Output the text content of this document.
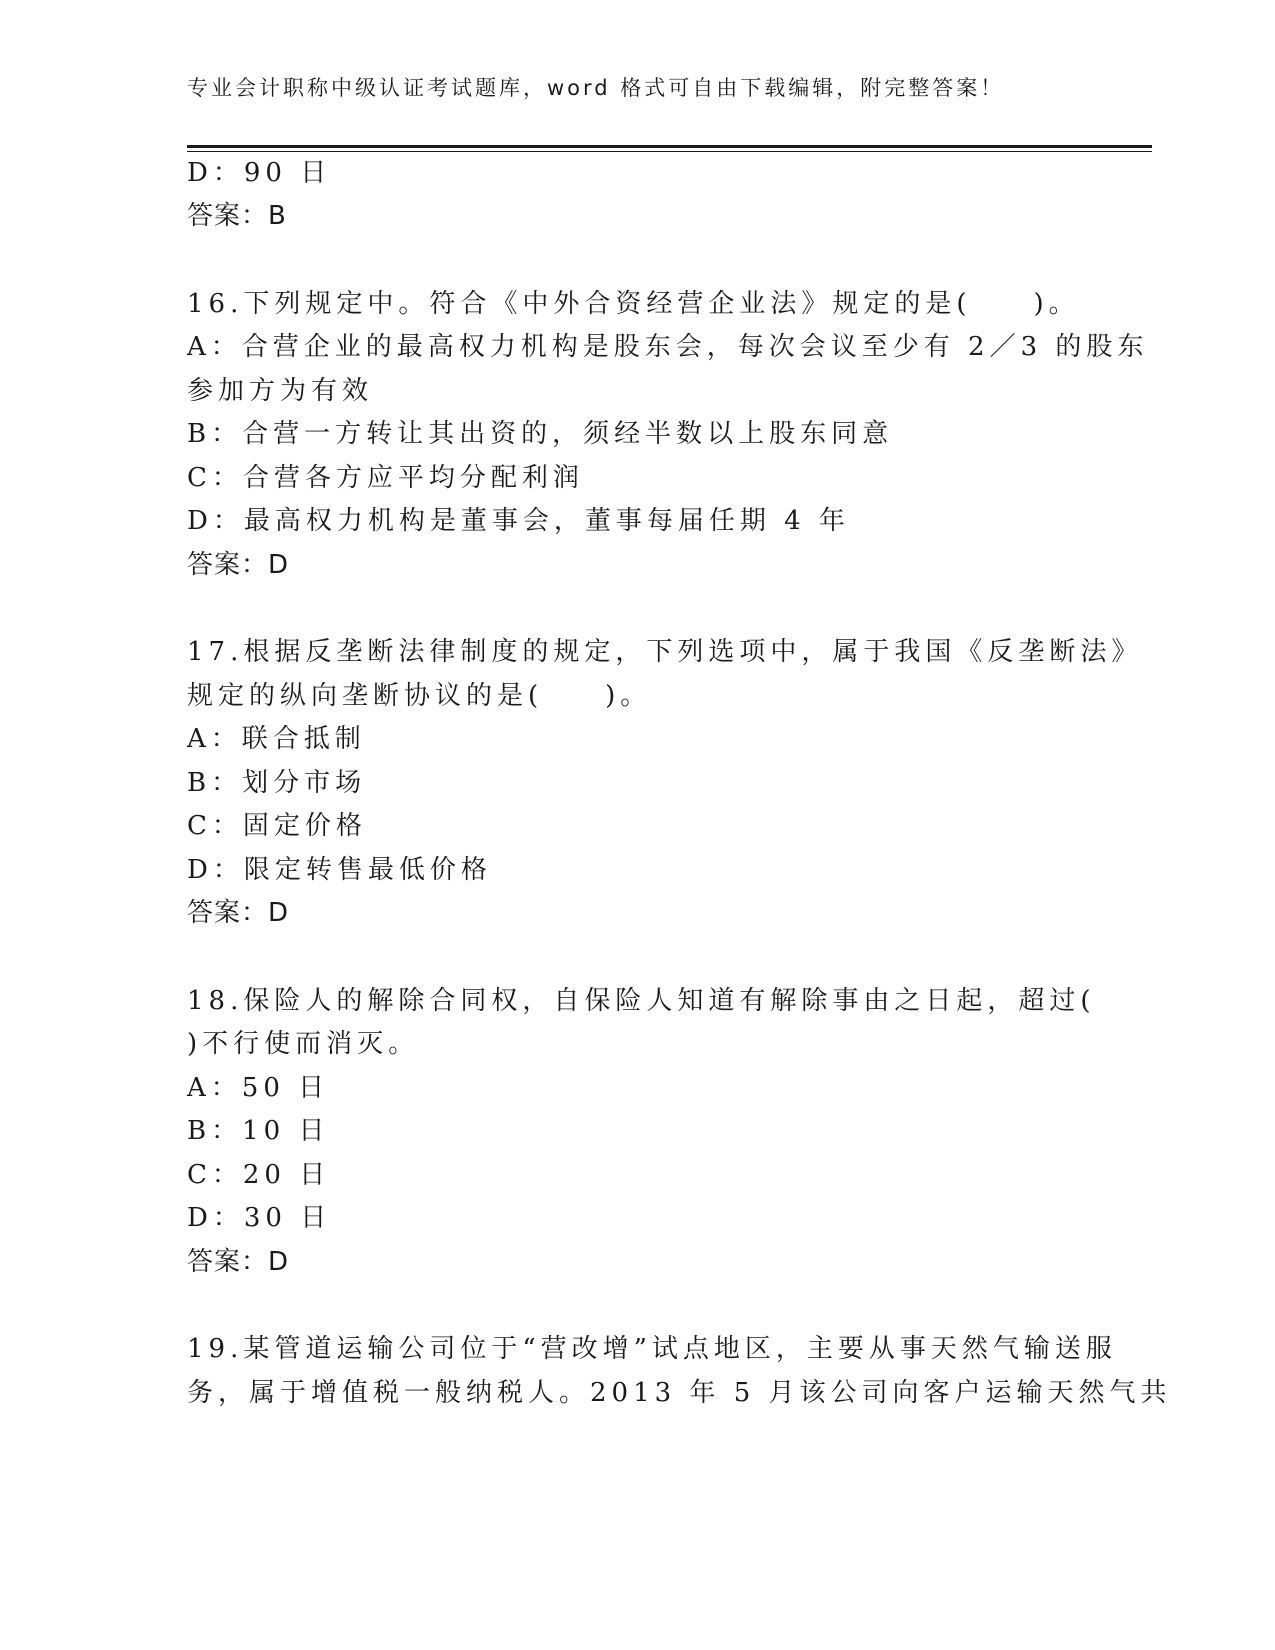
专业会计职称中级认证考试题库，word 格式可自由下载编辑，附完整答案！
D：90 日
答案：B
16.下列规定中。符合《中外合资经营企业法》规定的是(　　)。
A：合营企业的最高权力机构是股东会，每次会议至少有 2／3 的股东
参加方为有效
B：合营一方转让其出资的，须经半数以上股东同意
C：合营各方应平均分配利润
D：最高权力机构是董事会，董事每届任期 4 年
答案：D
17.根据反垄断法律制度的规定，下列选项中，属于我国《反垄断法》
规定的纵向垄断协议的是(　　)。
A：联合抵制
B：划分市场
C：固定价格
D：限定转售最低价格
答案：D
18.保险人的解除合同权，自保险人知道有解除事由之日起，超过(
)不行使而消灭。
A：50 日
B：10 日
C：20 日
D：30 日
答案：D
19.某管道运输公司位于“营改增”试点地区，主要从事天然气输送服
务，属于增值税一般纳税人。2013 年 5 月该公司向客户运输天然气共
